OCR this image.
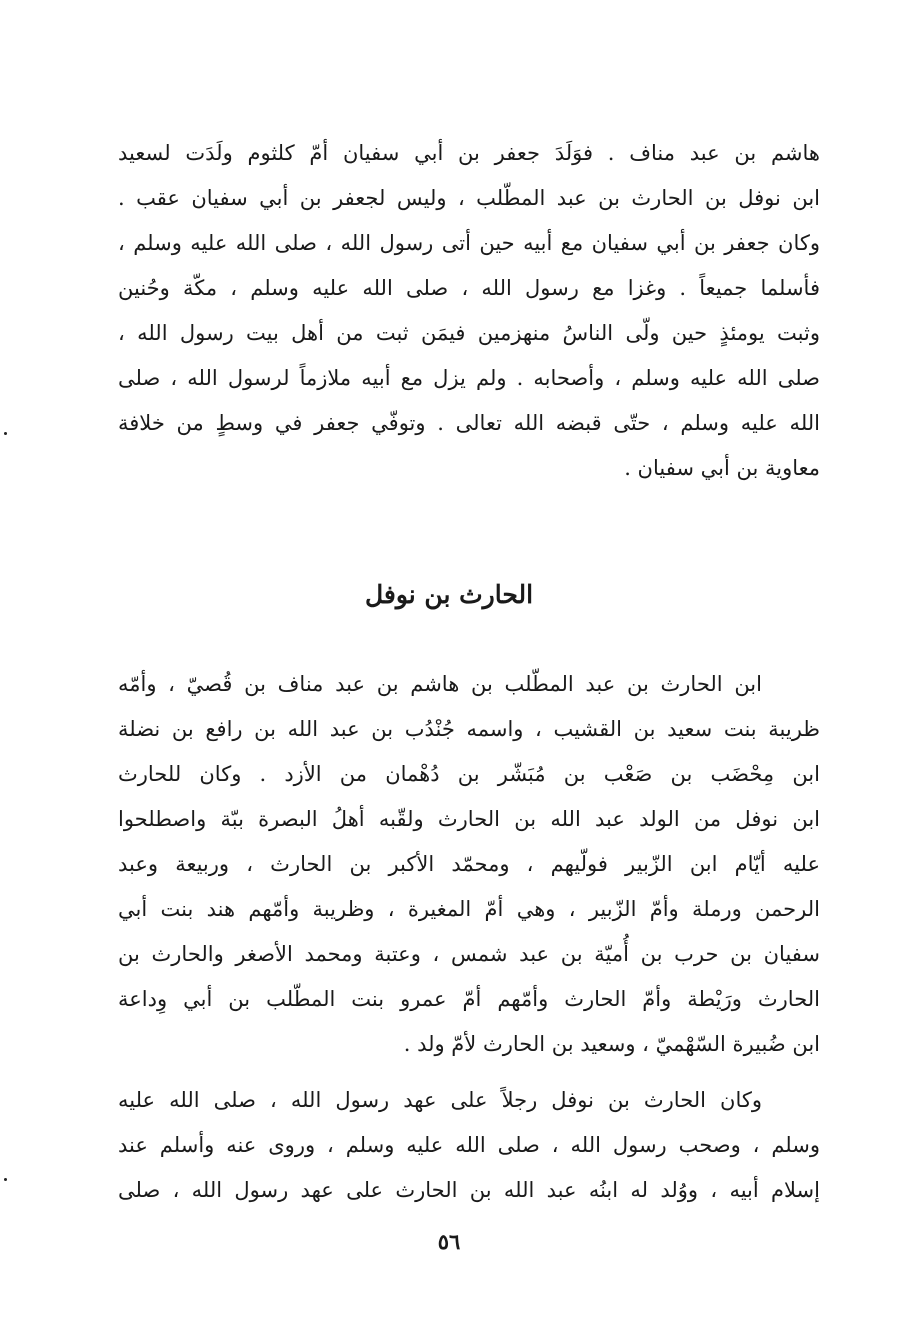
هاشم بن عبد مناف . فوَلَدَ جعفر بن أبي سفيان أمّ كلثوم ولَدَت لسعيد
ابن نوفل بن الحارث بن عبد المطّلب ، وليس لجعفر بن أبي سفيان عقب .
وكان جعفر بن أبي سفيان مع أبيه حين أتى رسول الله ، صلى الله عليه وسلم ،
فأسلما جميعاً . وغزا مع رسول الله ، صلى الله عليه وسلم ، مكّة وحُنين
وثبت يومئذٍ حين ولّى الناسُ منهزمين فيمَن ثبت من أهل بيت رسول الله ،
صلى الله عليه وسلم ، وأصحابه . ولم يزل مع أبيه ملازماً لرسول الله ، صلى
الله عليه وسلم ، حتّى قبضه الله تعالى . وتوفّي جعفر في وسطٍ من خلافة
معاوية بن أبي سفيان .
الحارث بن نوفل
ابن الحارث بن عبد المطّلب بن هاشم بن عبد مناف بن قُصيّ ، وأمّه
ظريبة بنت سعيد بن القشيب ، واسمه جُنْدُب بن عبد الله بن رافع بن نضلة
ابن مِحْضَب بن صَعْب بن مُبَشّر بن دُهْمان من الأزد . وكان للحارث
ابن نوفل من الولد عبد الله بن الحارث ولقّبه أهلُ البصرة ببّة واصطلحوا
عليه أيّام ابن الزّبير فولّيهم ، ومحمّد الأكبر بن الحارث ، وربيعة وعبد
الرحمن ورملة وأمّ الزّبير ، وهي أمّ المغيرة ، وظريبة وأمّهم هند بنت أبي
سفيان بن حرب بن أُميّة بن عبد شمس ، وعتبة ومحمد الأصغر والحارث بن
الحارث ورَيْطة وأمّ الحارث وأمّهم أمّ عمرو بنت المطّلب بن أبي وِداعة
ابن ضُبيرة السّهْميّ ، وسعيد بن الحارث لأمّ ولد .
وكان الحارث بن نوفل رجلاً على عهد رسول الله ، صلى الله عليه
وسلم ، وصحب رسول الله ، صلى الله عليه وسلم ، وروى عنه وأسلم عند
إسلام أبيه ، ووُلد له ابنُه عبد الله بن الحارث على عهد رسول الله ، صلى
٥٦
